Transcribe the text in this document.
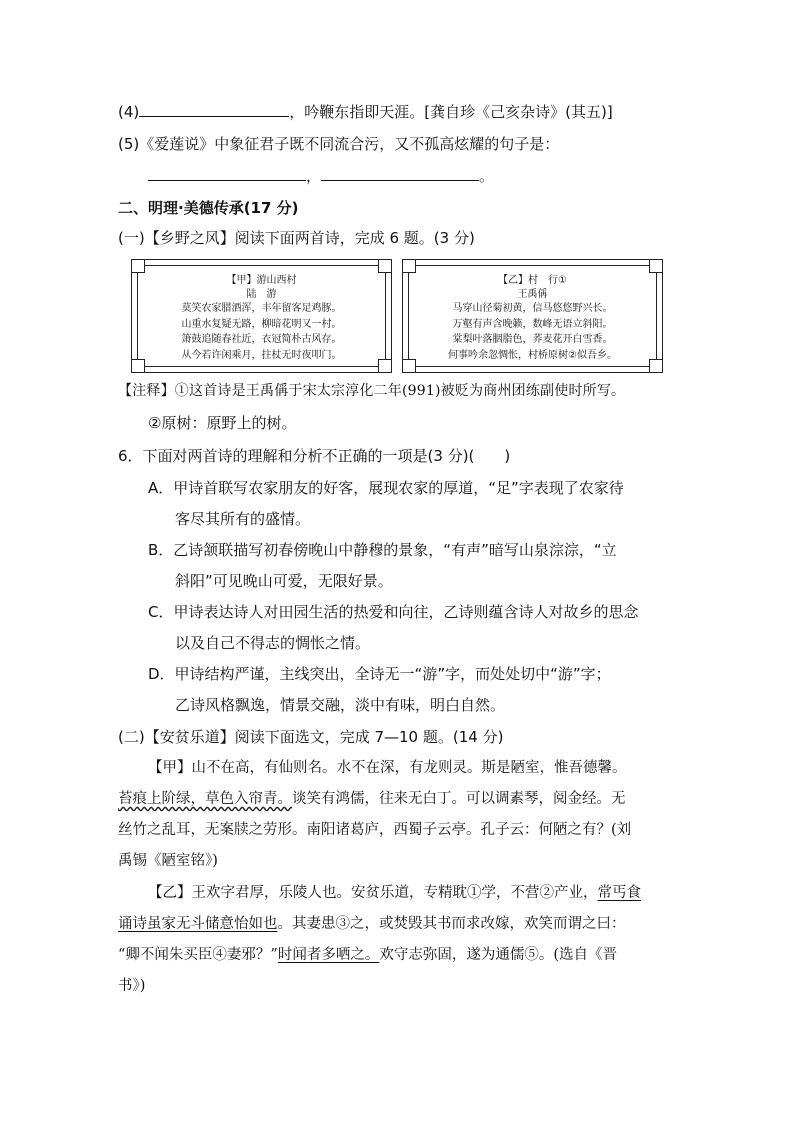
(4)	，吟鞭东指即天涯。[龚自珍《己亥杂诗》(其五)]
(5)《爱莲说》中象征君子既不同流合污，又不孤高炫耀的句子是：
，	。
二、明理·美德传承(17 分)
(一)【乡野之风】阅读下面两首诗，完成 6 题。(3 分)
【甲】游山西村
陆　游
莫笑农家腊酒浑，丰年留客足鸡豚。
山重水复疑无路，柳暗花明又一村。
箫鼓追随春社近，衣冠简朴古风存。
从今若许闲乘月，拄杖无时夜叩门。
【乙】村　行①
王禹偁
马穿山径菊初黄，信马悠悠野兴长。
万壑有声含晚籁，数峰无语立斜阳。
棠梨叶落胭脂色，荞麦花开白雪香。
何事吟余忽惆怅，村桥原树②似吾乡。
【注释】①这首诗是王禹偁于宋太宗淳化二年(991)被贬为商州团练副使时所写。
②原树：原野上的树。
6．下面对两首诗的理解和分析不正确的一项是(3 分)(　　)
A．甲诗首联写农家朋友的好客，展现农家的厚道，“足”字表现了农家待
客尽其所有的盛情。
B．乙诗颔联描写初春傍晚山中静穆的景象，“有声”暗写山泉淙淙，“立
斜阳”可见晚山可爱，无限好景。
C．甲诗表达诗人对田园生活的热爱和向往，乙诗则蕴含诗人对故乡的思念
以及自己不得志的惆怅之情。
D．甲诗结构严谨，主线突出，全诗无一“游”字，而处处切中“游”字；
乙诗风格飘逸，情景交融，淡中有味，明白自然。
(二)【安贫乐道】阅读下面选文，完成 7—10 题。(14 分)
【甲】山不在高，有仙则名。水不在深，有龙则灵。斯是陋室，惟吾德馨。
苔痕上阶绿，草色入帘青。谈笑有鸿儒，往来无白丁。可以调素琴，阅金经。无
丝竹之乱耳，无案牍之劳形。南阳诸葛庐，西蜀子云亭。孔子云：何陋之有？(刘
禹锡《陋室铭》)
【乙】王欢字君厚，乐陵人也。安贫乐道，专精耽①学，不营②产业，常丐食
诵诗虽家无斗储意怡如也。其妻患③之，或焚毁其书而求改嫁，欢笑而谓之曰：
“卿不闻朱买臣④妻邪？”时闻者多哂之。欢守志弥固，遂为通儒⑤。(选自《晋
书》)
